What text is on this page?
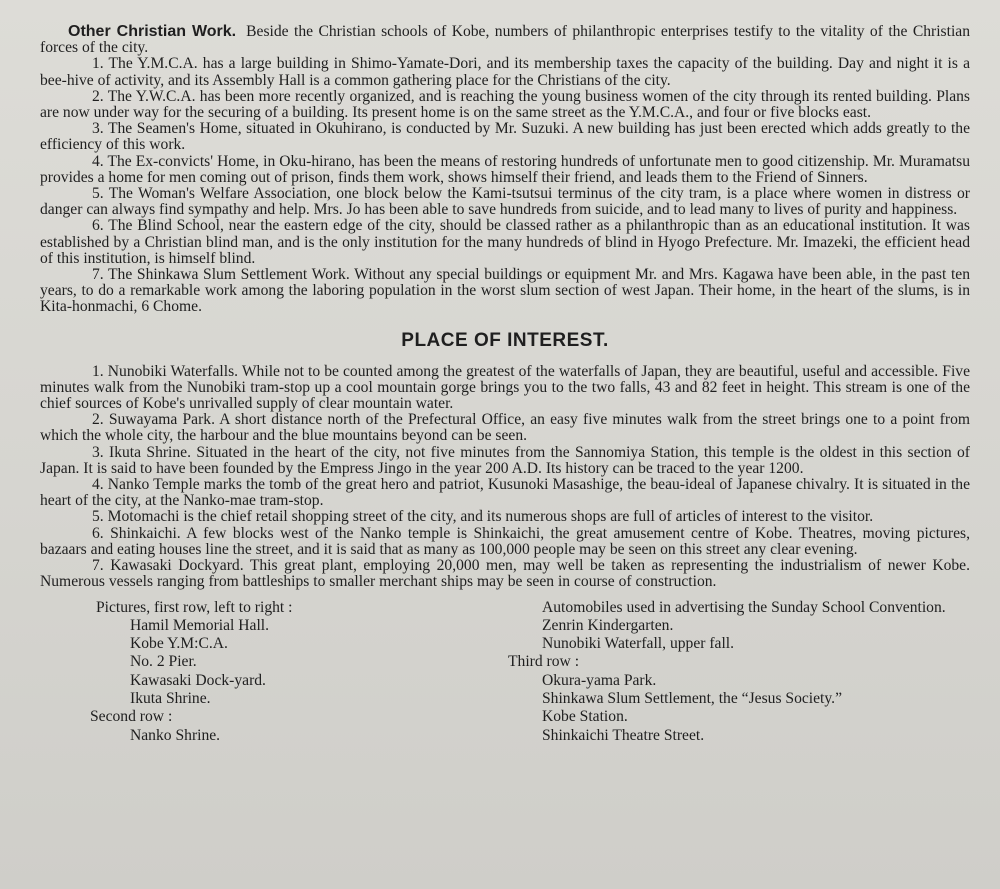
Other Christian Work. Beside the Christian schools of Kobe, numbers of philanthropic enterprises testify to the vitality of the Christian forces of the city.

1. The Y.M.C.A. has a large building in Shimo-Yamate-Dori, and its membership taxes the capacity of the building. Day and night it is a bee-hive of activity, and its Assembly Hall is a common gathering place for the Christians of the city.

2. The Y.W.C.A. has been more recently organized, and is reaching the young business women of the city through its rented building. Plans are now under way for the securing of a building. Its present home is on the same street as the Y.M.C.A., and four or five blocks east.

3. The Seamen's Home, situated in Okuhirano, is conducted by Mr. Suzuki. A new building has just been erected which adds greatly to the efficiency of this work.

4. The Ex-convicts' Home, in Oku-hirano, has been the means of restoring hundreds of unfortunate men to good citizenship. Mr. Muramatsu provides a home for men coming out of prison, finds them work, shows himself their friend, and leads them to the Friend of Sinners.

5. The Woman's Welfare Association, one block below the Kami-tsutsui terminus of the city tram, is a place where women in distress or danger can always find sympathy and help. Mrs. Jo has been able to save hundreds from suicide, and to lead many to lives of purity and happiness.

6. The Blind School, near the eastern edge of the city, should be classed rather as a philanthropic than as an educational institution. It was established by a Christian blind man, and is the only institution for the many hundreds of blind in Hyogo Prefecture. Mr. Imazeki, the efficient head of this institution, is himself blind.

7. The Shinkawa Slum Settlement Work. Without any special buildings or equipment Mr. and Mrs. Kagawa have been able, in the past ten years, to do a remarkable work among the laboring population in the worst slum section of west Japan. Their home, in the heart of the slums, is in Kita-honmachi, 6 Chome.

PLACE OF INTEREST.

1. Nunobiki Waterfalls. While not to be counted among the greatest of the waterfalls of Japan, they are beautiful, useful and accessible. Five minutes walk from the Nunobiki tram-stop up a cool mountain gorge brings you to the two falls, 43 and 82 feet in height. This stream is one of the chief sources of Kobe's unrivalled supply of clear mountain water.

2. Suwayama Park. A short distance north of the Prefectural Office, an easy five minutes walk from the street brings one to a point from which the whole city, the harbour and the blue mountains beyond can be seen.

3. Ikuta Shrine. Situated in the heart of the city, not five minutes from the Sannomiya Station, this temple is the oldest in this section of Japan. It is said to have been founded by the Empress Jingo in the year 200 A.D. Its history can be traced to the year 1200.

4. Nanko Temple marks the tomb of the great hero and patriot, Kusunoki Masashige, the beau-ideal of Japanese chivalry. It is situated in the heart of the city, at the Nanko-mae tram-stop.

5. Motomachi is the chief retail shopping street of the city, and its numerous shops are full of articles of interest to the visitor.

6. Shinkaichi. A few blocks west of the Nanko temple is Shinkaichi, the great amusement centre of Kobe. Theatres, moving pictures, bazaars and eating houses line the street, and it is said that as many as 100,000 people may be seen on this street any clear evening.

7. Kawasaki Dockyard. This great plant, employing 20,000 men, may well be taken as representing the industrialism of newer Kobe. Numerous vessels ranging from battleships to smaller merchant ships may be seen in course of construction.

Pictures, first row, left to right :
Hamil Memorial Hall.
Kobe Y.M:C.A.
No. 2 Pier.
Kawasaki Dock-yard.
Ikuta Shrine.
Second row :
Nanko Shrine.
Automobiles used in advertising the Sunday School Convention.
Zenrin Kindergarten.
Nunobiki Waterfall, upper fall.
Third row :
Okura-yama Park.
Shinkawa Slum Settlement, the “Jesus Society.”
Kobe Station.
Shinkaichi Theatre Street.
